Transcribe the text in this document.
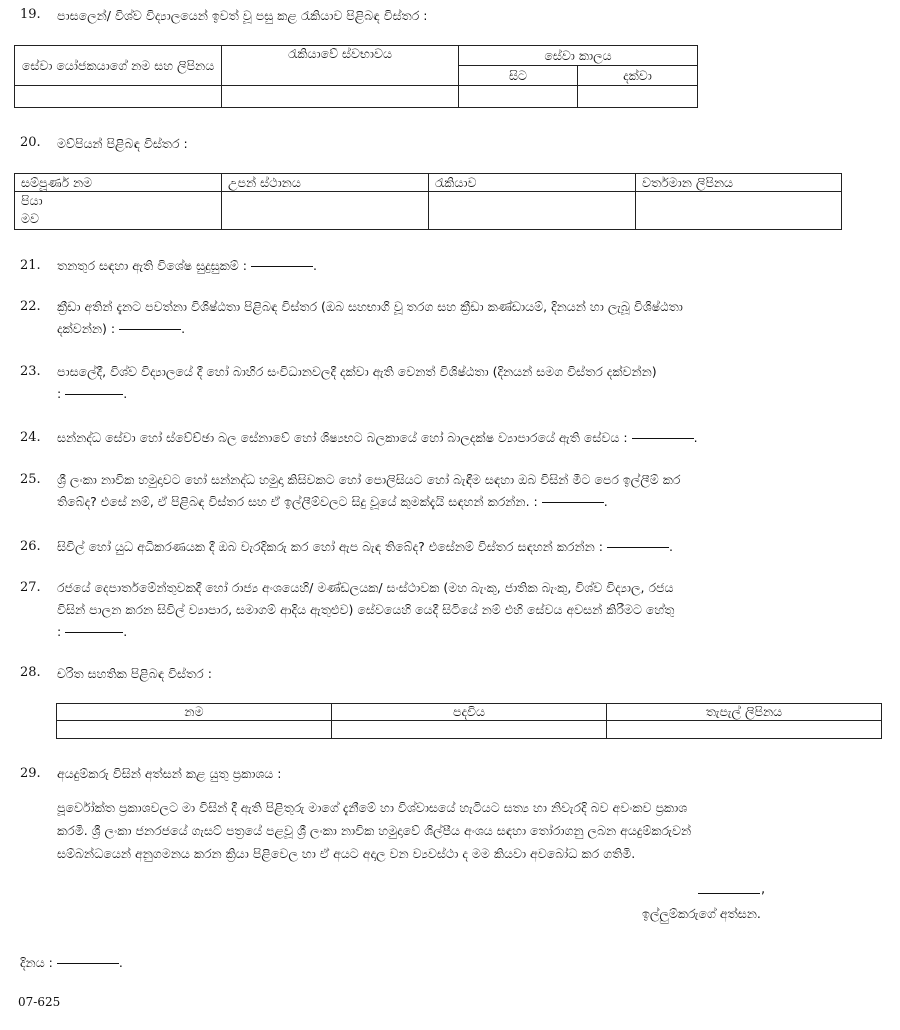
19. පාසලෙන්/ විශ්ව විද්‍යාලයෙන් ඉවත් වූ පසු කළ රැකියාව පිළිබඳ විස්තර :
සේවා යෝජකයාගේ නම සහ ලිපිනය	රැකියාවේ ස්වභාවය	සේවා කාලය	
		සිට	දක්වා

20. මව්පියන් පිළිබඳ විස්තර :
සම්පූර්ණ නම	උපන් ස්ථානය	රැකියාව	වර්තමාන ලිපිනය

පියා
මව			

21. තනතුර සඳහා ඇති විශේෂ සුදුසුකම් :	.
22. ක්‍රීඩා අතින් දැනට පවත්නා විශිෂ්ඨතා පිළිබඳ විස්තර (ඔබ සහභාගි වූ තරග සහ ක්‍රීඩා කණ්ඩායම්, දිනයන් හා ලැබූ විශිෂ්ඨතා
දක්වන්න) :	.
23. පාසලේදී, විශ්ව විද්‍යාලයේ දී හෝ බාහිර සංවිධානවලදී දක්වා ඇති වෙනත් විශිෂ්ඨතා (දිනයන් සමග විස්තර දක්වන්න)
:	.
24. සන්නද්ධ සේවා හෝ ස්වේච්ඡා බල සේනාවේ හෝ ශිෂ්‍යභට බලකායේ හෝ බාලදක්ෂ ව්‍යාපාරයේ ඇති සේවය :	.
25. ශ්‍රී ලංකා නාවික හමුදාවට හෝ සන්නද්ධ හමුදා කිසිවකට හෝ පොලිසියට හෝ බැඳීම සඳහා ඔබ විසින් මීට පෙර ඉල්ලීම් කර
තිබේද? එසේ නම්, ඒ පිළිබඳ විස්තර සහ ඒ ඉල්ලීම්වලට සිදු වූයේ කුමක්දැයි සඳහන් කරන්න. :	.
26. සිවිල් හෝ යුධ අධිකරණයක දී ඔබ වැරදිකරු කර හෝ ඇප බැඳ තිබේද? එසේනම් විස්තර සඳහන් කරන්න :	.
27. රජයේ දෙපාර්තමේන්තුවකදී හෝ රාජ්‍ය අංශයෙහි/ මණ්ඩලයක/ සංස්ථාවක (මහ බැංකු, ජාතික බැංකු, විශ්ව විද්‍යාල, රජය
විසින් පාලන කරන සිවිල් ව්‍යාපාර, සමාගම් ආදිය ඇතුළුව) සේවයෙහි යෙදී සිටියේ නම් එහි සේවය අවසන් කිරීමට හේතු
:	.
28. චරිත සහතික පිළිබඳ විස්තර :
නම	පදවිය	තැපැල් ලිපිනය

29. අයදුම්කරු විසින් අත්සන් කළ යුතු ප්‍රකාශය :
පූර්වෝක්ත ප්‍රකාශවලට මා විසින් දී ඇති පිළිතුරු මාගේ දැනීමේ හා විශ්වාසයේ හැටියට සත්‍ය හා නිවැරදි බව අවංකව ප්‍රකාශ
කරමි. ශ්‍රී ලංකා ජනරජයේ ගැසට් පත්‍රයේ පළවූ ශ්‍රී ලංකා නාවික හමුදාවේ ශිල්පීය අංශය සඳහා තෝරාගනු ලබන අයදුම්කරුවන්
සම්බන්ධයෙන් අනුගමනය කරන ක්‍රියා පිළිවෙල හා ඒ අයට අදාල වන ව්‍යවස්ථා ද මම කියවා අවබෝධ කර ගතිමි.
,
ඉල්ලුම්කරුගේ අත්සන.
දිනය :	.
07-625
